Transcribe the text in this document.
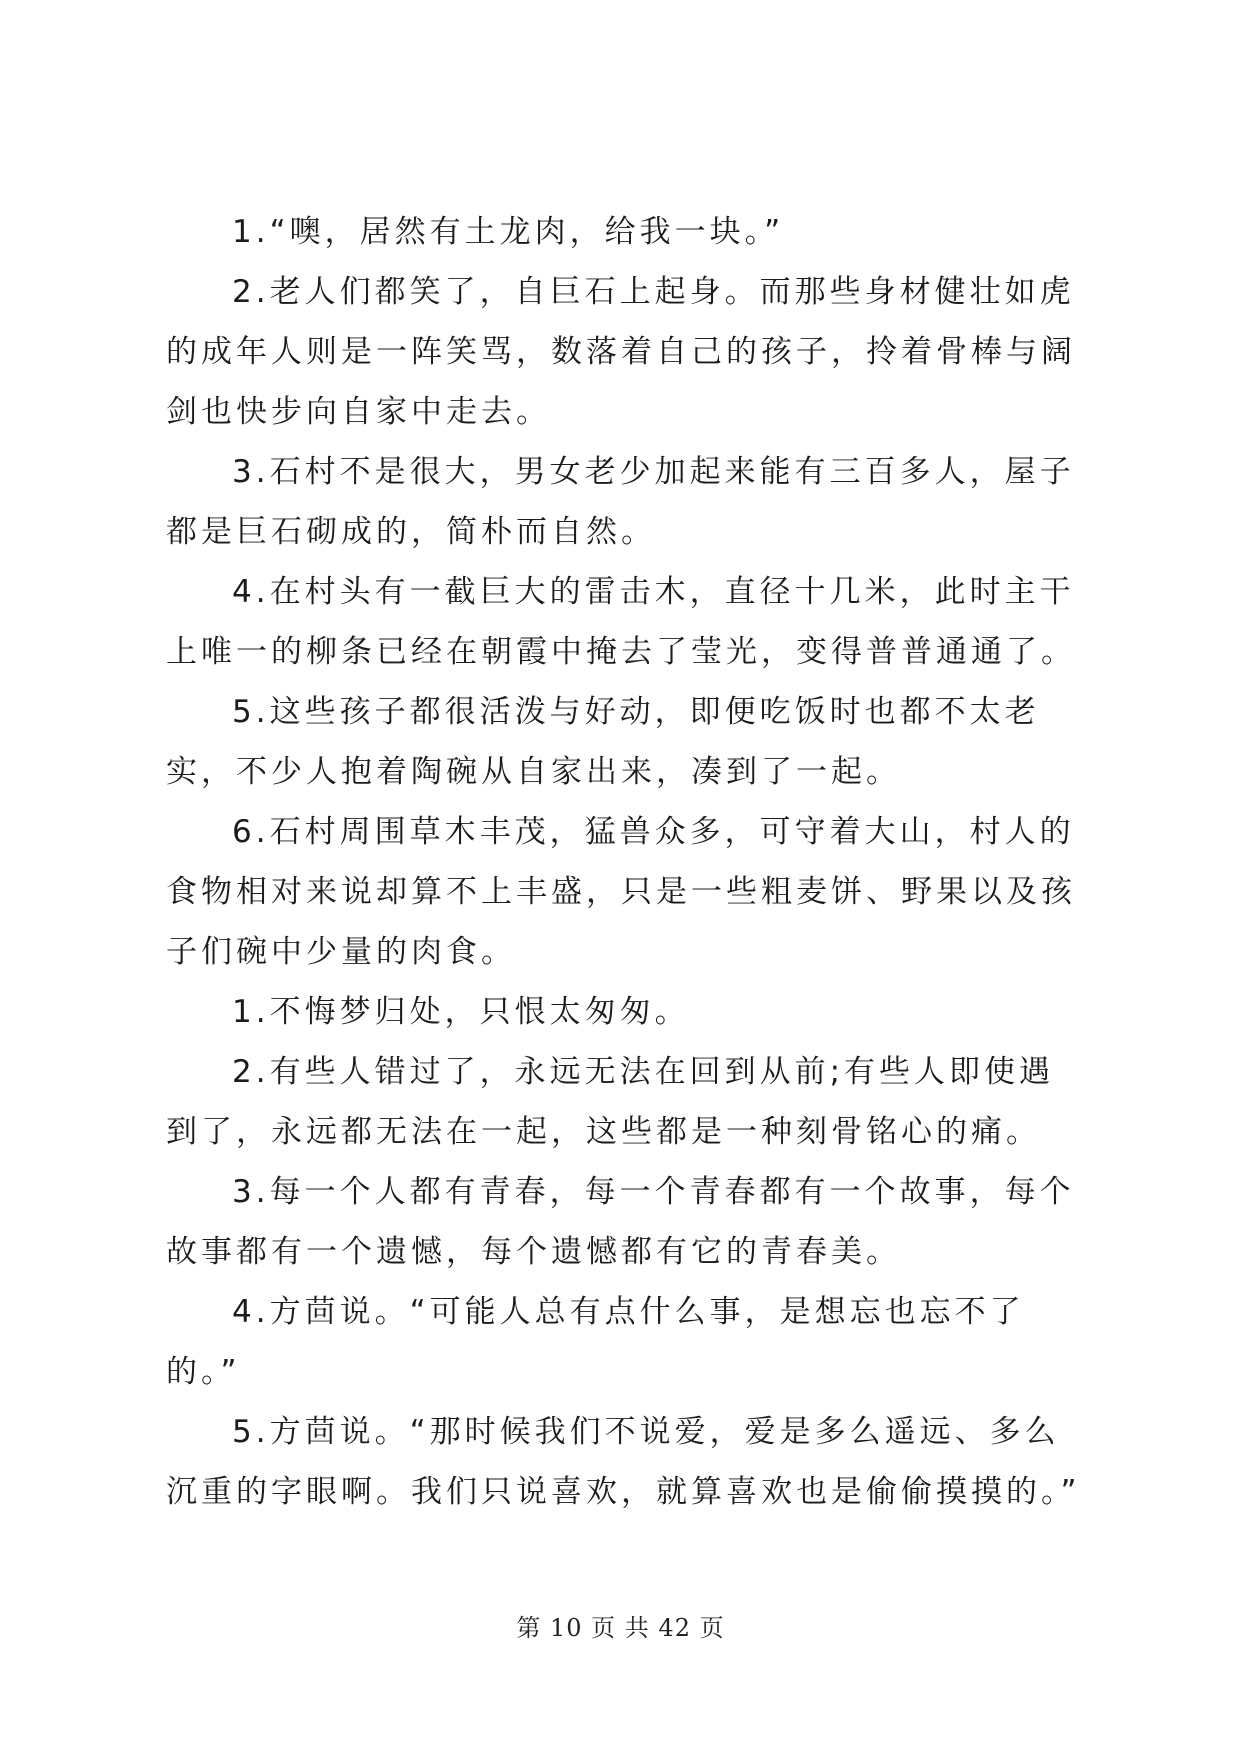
1.“噢，居然有土龙肉，给我一块。”

2.老人们都笑了，自巨石上起身。而那些身材健壮如虎的成年人则是一阵笑骂，数落着自己的孩子，拎着骨棒与阔剑也快步向自家中走去。

3.石村不是很大，男女老少加起来能有三百多人，屋子都是巨石砌成的，简朴而自然。

4.在村头有一截巨大的雷击木，直径十几米，此时主干上唯一的柳条已经在朝霞中掩去了莹光，变得普普通通了。

5.这些孩子都很活泼与好动，即便吃饭时也都不太老实，不少人抱着陶碗从自家出来，凑到了一起。

6.石村周围草木丰茂，猛兽众多，可守着大山，村人的食物相对来说却算不上丰盛，只是一些粗麦饼、野果以及孩子们碗中少量的肉食。

1.不悔梦归处，只恨太匆匆。

2.有些人错过了，永远无法在回到从前;有些人即使遇到了，永远都无法在一起，这些都是一种刻骨铭心的痛。

3.每一个人都有青春，每一个青春都有一个故事，每个故事都有一个遗憾，每个遗憾都有它的青春美。

4.方茴说。“可能人总有点什么事，是想忘也忘不了的。”

5.方茴说。“那时候我们不说爱，爱是多么遥远、多么沉重的字眼啊。我们只说喜欢，就算喜欢也是偷偷摸摸的。”

第 10 页 共 42 页
